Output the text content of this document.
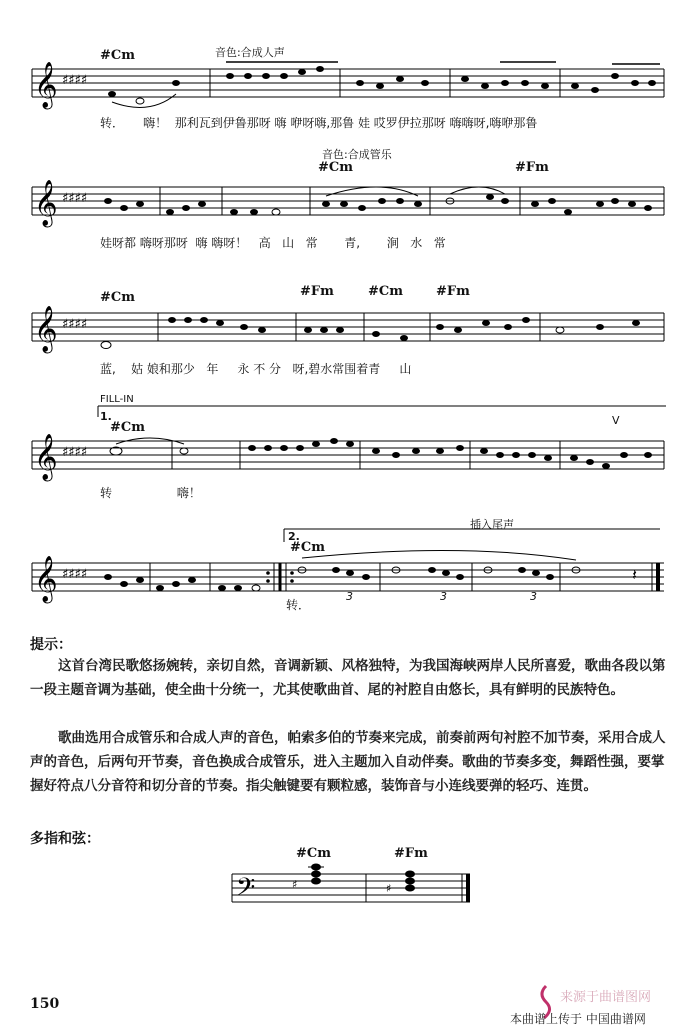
#Cm	音色:合成人声
𝄞 ♯♯♯♯
转．     嗨！  那利瓦到伊鲁那呀 嗨 咿呀嗨,那鲁 娃 哎罗伊拉那呀 嗨嗨呀,嗨咿那鲁
音色:合成管乐
#Cm	#Fm
𝄞 ♯♯♯♯
娃呀都 嗨呀那呀  嗨 嗨呀！   高   山   常       青,       涧   水   常
#Cm	#Fm	#Cm	#Fm
𝄞 ♯♯♯♯
蓝,    姑 娘和那少   年     永 不 分   呀,碧水常围着青     山
FILL-IN
1.
#Cm	V
𝄞 ♯♯♯♯
转                 嗨！
插入尾声
2.
#Cm
𝄞 ♯♯♯♯	𝄽
3	3	3
转．
提示：
这首台湾民歌悠扬婉转，亲切自然，音调新颖、风格独特，为我国海峡两岸人民所喜爱，歌曲各段以第一段主题音调为基础，使全曲十分统一，尤其使歌曲首、尾的衬腔自由悠长，具有鲜明的民族特色。
歌曲选用合成管乐和合成人声的音色，帕索多伯的节奏来完成，前奏前两句衬腔不加节奏，采用合成人声的音色，后两句开节奏，音色换成合成管乐，进入主题加入自动伴奏。歌曲的节奏多变，舞蹈性强，要掌握好符点八分音符和切分音的节奏。指尖触键要有颗粒感，装饰音与小连线要弹的轻巧、连贯。
多指和弦：
#Cm	#Fm
𝄢	♯	♯
150	来源于曲谱图网
本曲谱上传于 中国曲谱网
